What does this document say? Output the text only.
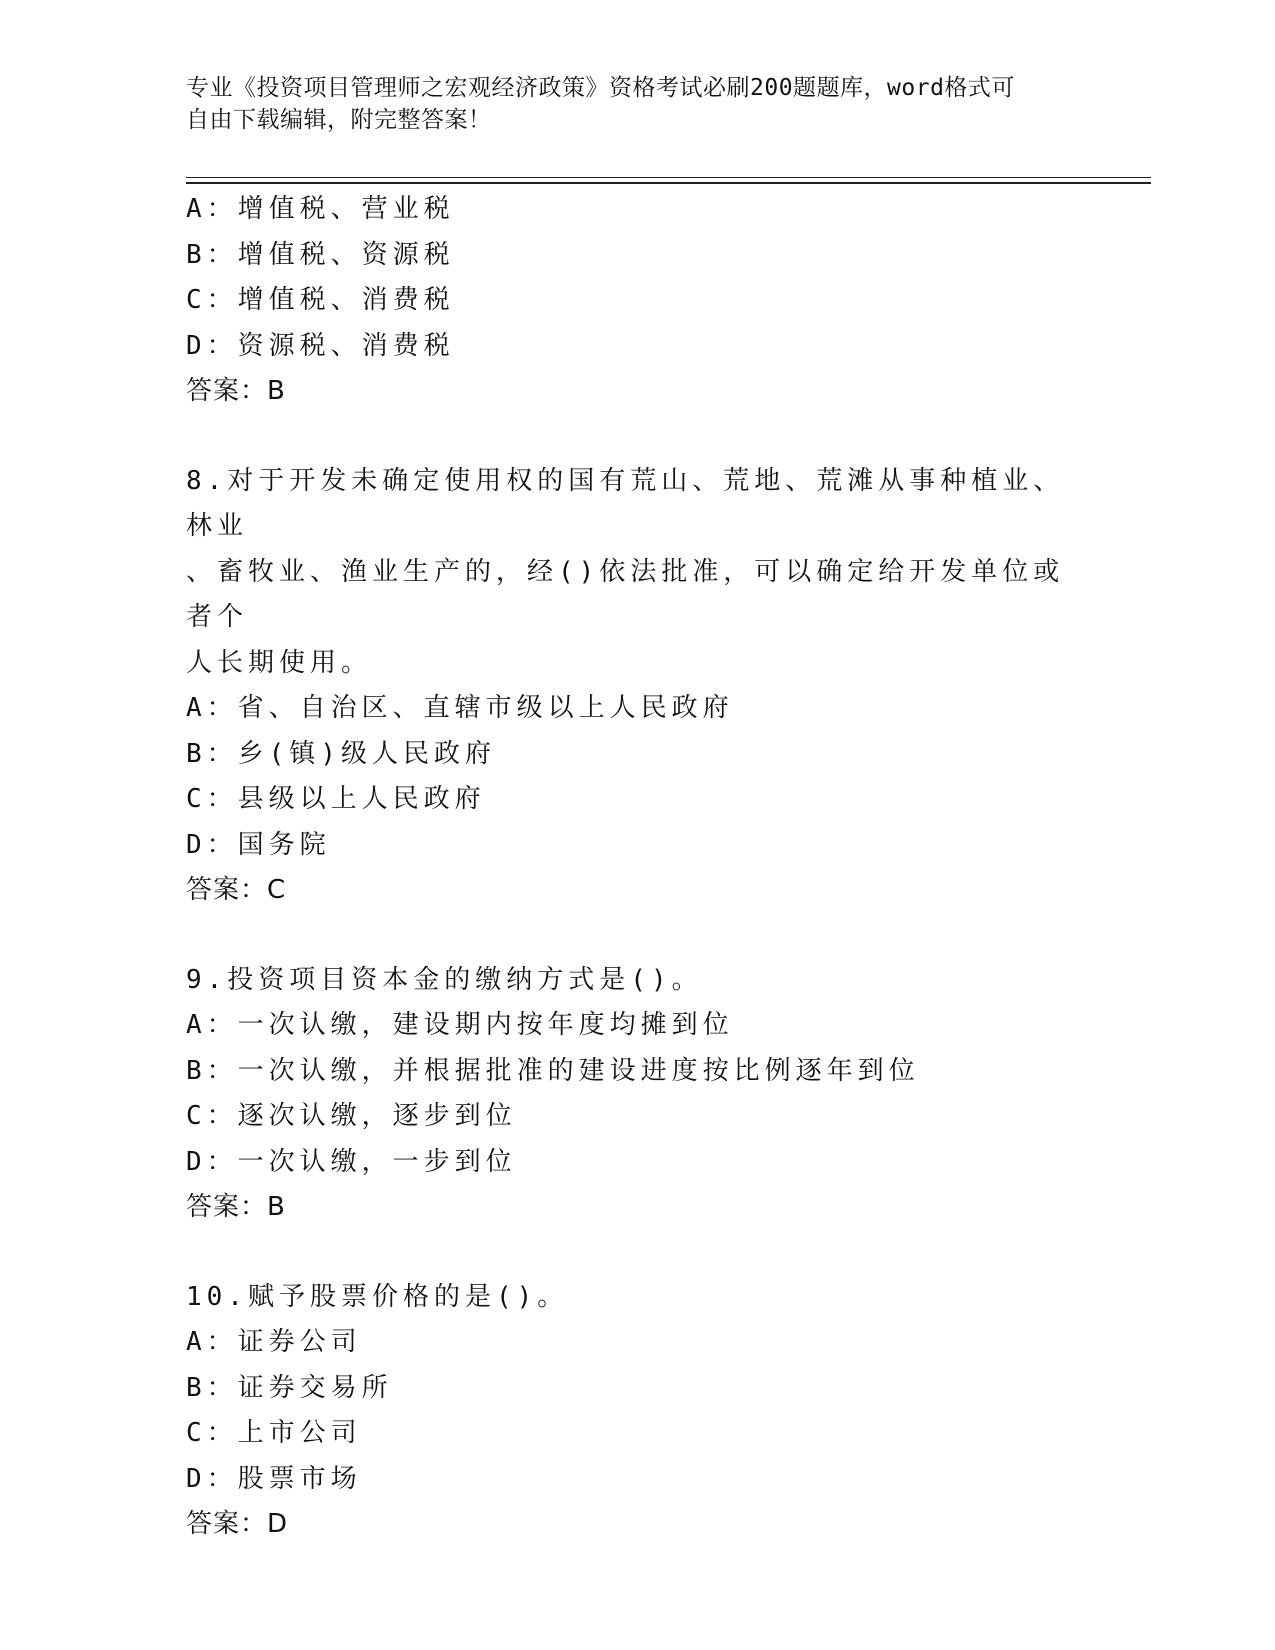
专业《投资项目管理师之宏观经济政策》资格考试必刷200题题库，word格式可
自由下载编辑，附完整答案！
A：增值税、营业税
B：增值税、资源税
C：增值税、消费税
D：资源税、消费税
答案：B
8.对于开发未确定使用权的国有荒山、荒地、荒滩从事种植业、林业
、畜牧业、渔业生产的，经()依法批准，可以确定给开发单位或者个
人长期使用。
A：省、自治区、直辖市级以上人民政府
B：乡(镇)级人民政府
C：县级以上人民政府
D：国务院
答案：C
9.投资项目资本金的缴纳方式是()。
A：一次认缴，建设期内按年度均摊到位
B：一次认缴，并根据批准的建设进度按比例逐年到位
C：逐次认缴，逐步到位
D：一次认缴，一步到位
答案：B
10.赋予股票价格的是()。
A：证券公司
B：证券交易所
C：上市公司
D：股票市场
答案：D
